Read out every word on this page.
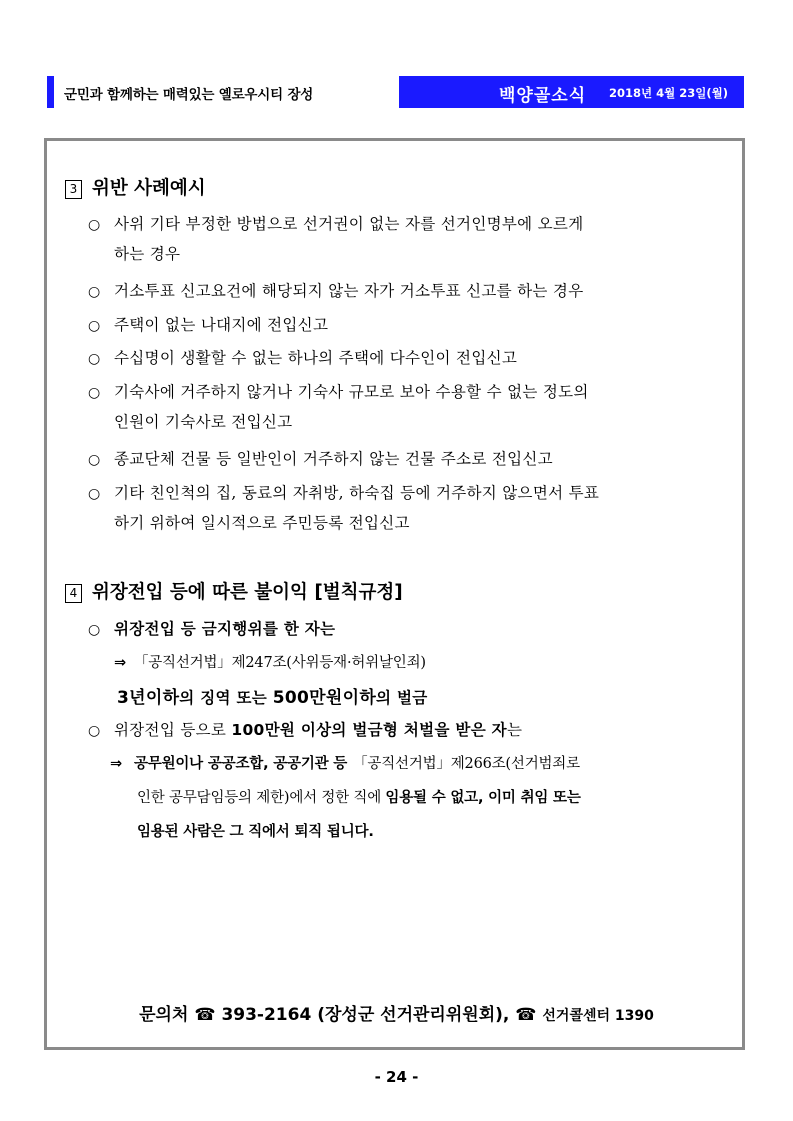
군민과 함께하는 매력있는 옐로우시티 장성	백양골소식 2018년 4월 23일(월)
3 위반 사례예시
○ 사위 기타 부정한 방법으로 선거권이 없는 자를 선거인명부에 오르게
하는 경우
○ 거소투표 신고요건에 해당되지 않는 자가 거소투표 신고를 하는 경우
○ 주택이 없는 나대지에 전입신고
○ 수십명이 생활할 수 없는 하나의 주택에 다수인이 전입신고
○ 기숙사에 거주하지 않거나 기숙사 규모로 보아 수용할 수 없는 정도의
인원이 기숙사로 전입신고
○ 종교단체 건물 등 일반인이 거주하지 않는 건물 주소로 전입신고
○ 기타 친인척의 집, 동료의 자취방, 하숙집 등에 거주하지 않으면서 투표
하기 위하여 일시적으로 주민등록 전입신고
4 위장전입 등에 따른 불이익 [벌칙규정]
○ 위장전입 등 금지행위를 한 자는
⇒ 「공직선거법」제247조(사위등재·허위날인죄)
3년이하의 징역 또는 500만원이하의 벌금
○ 위장전입 등으로 100만원 이상의 벌금형 처벌을 받은 자는
⇒ 공무원이나 공공조합, 공공기관 등 「공직선거법」제266조(선거범죄로
인한 공무담임등의 제한)에서 정한 직에 임용될 수 없고, 이미 취임 또는
임용된 사람은 그 직에서 퇴직 됩니다.
문의처 ☎ 393-2164 (장성군 선거관리위원회), ☎ 선거콜센터 1390
- 24 -
